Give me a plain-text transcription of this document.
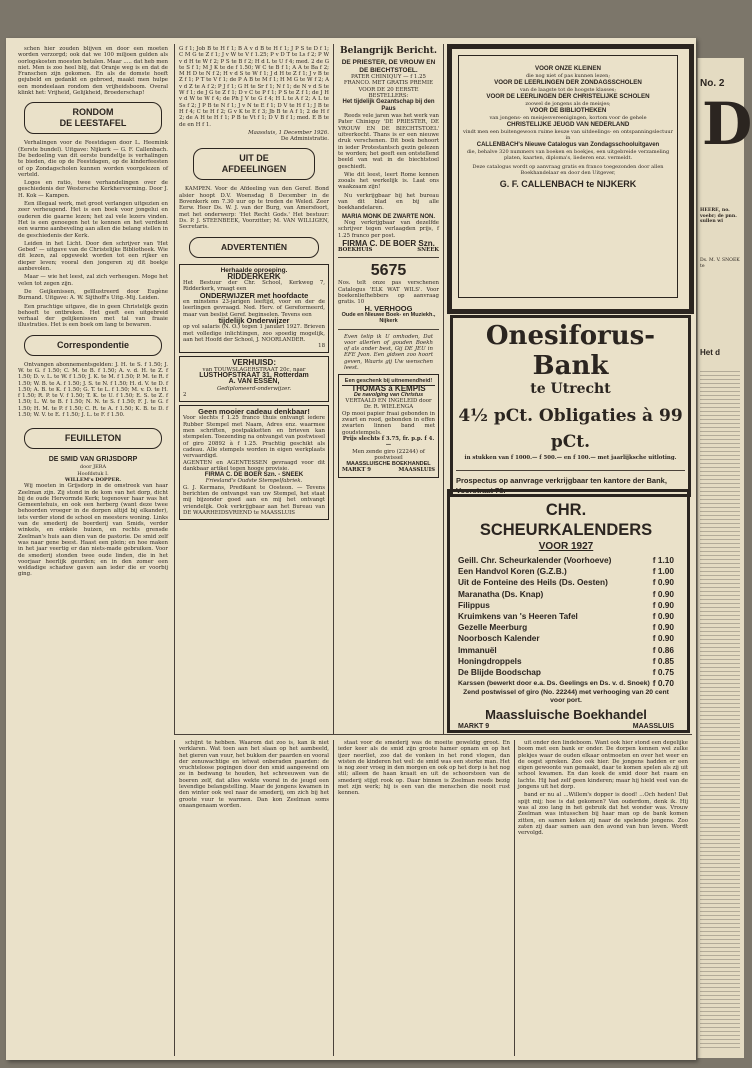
No. 2
D
HEERE, no. voebr; de pnn. sullen wi
Ds. M. V. SNOEK te
Het d

schen hier zouden blijven en door een moeten worden verzorgd; ook dat we 100 miljoen gulden als oorlogskosten moesten betalen. Maar ..... dat heb men niet. Men is zoo heel blij, dat Oranje weg is en dat de Franschen zijn gekomen. En als de domste hoeft gejubeld en gedankt en gebroed, maakt men hulpe een mondeelaan rondom den vrijheidsboom. Overal klinkt het: Vrijheid, Gelijkheid, Broederschap!

RONDOM
DE LEESTAFEL

Verhalingen voor de Feestdagen door L. Heemink (Eerste bundel). Uitgave: Nijkerk — G. F. Callenbach. De bedoeling van dit eerste bundeltje is verhalingen te bieden, die op de Feestdagen, op de kinderfeesten of op Zondagscholen kunnen worden voorgelezen of verteld.

Logos en ratio, twee verhandelingen over de geschiedenis der Westersche Kerkhervorming. Door J. H. Kok — Kampen.

Een illegaal werk, met groot verlangen uitgezien en zeer verheugend. Het is een boek voor jongelui en ouderen die gaarne lezen; het zal vele lezers vinden. Het is een genoegen het te kennen en het verdient een warme aanbeveling aan allen die belang stellen in de geschiedenis der Kerk.

Leiden in het Licht. Door den schrijver van 'Het Gebed' — uitgave van de Christelijke Bibliotheek. Wie dit lezen, zal opgewekt worden tot een rijker en dieper leven; vooral den jongeren zij dit boekje aanbevolen.

Maar — wie het leest, zal zich verheugen. Moge het velen tot zegen zijn.

De Geijkenissen, geïllustreerd door Eugène Burnand. Uitgave: A. W. Sijthoff's Uitg.-Mij. Leiden.

Een prachtige uitgave, die in geen Christelijk gezin behoeft te ontbreken. Het geeft een uitgebreid verhaal der gelijkenissen met tal van fraaie illustraties. Het is een boek om lang te bewaren.

Correspondentie

Ontvangen abonnementsgelden: J. H. te S. f 1.50; J. W. te G. f 1.50; C. M. te B. f 1.50; A. v. d. H. te Z. f 1.50; D. v. L. te W. f 1.50; J. K. te M. f 1.50; P. M. te R. f 1.50; W. B. te A. f 1.50; J. S. te N. f 1.50; H. d. V. te D. f 1.50; A. B. te K. f 1.50; G. T. te L. f 1.50; M. v. D. te H. f 1.50; R. P. te V. f 1.50; T. K. te U. f 1.50; E. S. te Z. f 1.50; L. W. te B. f 1.50; N. N. te S. f 1.50; F. J. te G. f 1.50; H. M. te P. f 1.50; C. R. te A. f 1.50; K. B. te D. f 1.50; W. V. te E. f 1.50; J. L. te F. f 1.50.

FEUILLETON
DE SMID VAN GRIJSDORP
door JERA
Hoofdstuk I.
WILLEM's DOPPER.

Wij moeten in Grijsdorp in de omstreek van haar Zeelman zijn. Zij stond in de kom van het dorp, dicht bij de oude Hervormde Kerk; tegenover haar was het Gemeentehuis, en ook een herberg (want deze twee behoorden vroeger in de dorpen altijd bij elkander), iets verder stond de school en meesters woning. Links van de smederij de boerderij van Smids, verder winkels, en enkele huizen, en rechts grensde Zeelman's huis aan dien van de pastorie. De smid zelf was naar gene beest. Haast een plein; en hoe maken in het jaar veertig er dan niets-made gebruiken. Voor de smederij stonden twee oude linden, die in het voorjaar heerlijk geurden; en in den zomer een weldadige schaduw gaven aan ieder die er voorbij ging.

G f 1; Job B te H f 1; B A v d B te H f 1; J P S te D f 1; C M G te Z f 1; J v W te V f 1.25; P v D T te Ls f 2; P W v d H te W f 2; P S te B f 2; H d L te U f 4; med. 2 de G te S f 1; M J K te de f 1.50; W C te B f 1; A A te Ba f 2; M H D te N f 2; H v d S te W f 1; J d H te Z f 1; J v B te Z f 1; P T te V f 1; de P A B te M f 1; H M G te W f 2; A v d Z te A f 2; P J f 1; G H te Sr f 1; N f 1; de N v d S te W f 1; de J G te Z f 1; D v C te P f 1; P S te Z f 1; de J H v d W te W f 4; de Ph J V te G f 4; H L te A f 2; A L te Ss f 2; J P B te N f 1; J v N te E f 1; D V te H f 1; J B te H f 4; C te H f 2; G v K te E f 3; Jb B te A f 1; 2 de H f 2; de A H te H f 1; P B te Vt f 1; D V B f 1; med. E B te de en H f 1.

Maassluis, 1 December 1926.
De Administratie.
UIT DE
AFDEELINGEN

KAMPEN. Voor de Afdeeling van den Geref. Bond alsier hoopt D.V. Woensdag 8 December in de Bovenkerk om 7.30 uur op te treden de Weled. Zeer Eerw. Heer Ds. W. J. van der Burg, van Amersfoort, met het onderwerp: 'Het Recht Gods.' Het bestuur: Ds. P. J. STEENBEEK, Voorzitter; M. VAN WILLIGEN, Secretaris.

ADVERTENTIËN
Herhaalde oproeping.
RIDDERKERK
Het Bestuur der Chr. School, Kerkweg 7, Ridderkerk, vraagt een
ONDERWIJZER met hoofdacte
en minstens 23-jarigen leeftijd, voor en der de leerlingen gevraagd. Ned. Herv. of Gereformeerd, maar van beslist Geref. beginselen. Tevens een
tijdelijk Onderwijzer
op vol salaris (N. O.) tegen 1 januari 1927. Brieven met volledige inlichtingen, zoo spoedig mogelijk, aan het Hoofd der School, J. NOORLANDER.
18
VERHUISD:
van TOUWSLAGERSTRAAT 20c, naar
LUSTHOFSTRAAT 31, Rotterdam
A. VAN ESSEN,
Gediplomeerd-onderwijzer.
2
Geen mooier cadeau denkbaar!
Voor slechts f 1.25 franco thuis ontvangt iedere Rubber Stempel met Naam, Adres enz. waarmee men schriften, postpakketten en brieven kan stempelen. Toezending na ontvangst van postwissel of giro 20892 à f 1.25. Prachtig geschikt als cadeau. Alle stempels worden in eigen werkplaats vervaardigd.
AGENTEN en AGENTESSEN gevraagd voor dit dankbaar artikel tegen hooge provisie.
FIRMA C. DE BOER Szn. - SNEEK
Friesland's Oudste Stempelfabriek.
G. J. Kermans, Predikant te Oosteon. — Tevens berichten de ontvangst van uw Stempel, het staat mij bijzonder goed aan en mij het ontvangt vriendelijk. Ook verkrijgbaar aan het Bureau van DE WAARHEIDSVRIEND te MAASSLUIS
Belangrijk Bericht.
DE PRIESTER, DE VROUW EN DE BIECHTSTOEL.
PATER CHINIQUY — f 1.25 FRANCO. MET GRATIS PREMIE VOOR DE 20 EERSTE BESTELLERS:
Het tijdelijk Gezantschap bij den Paus

Reeds vele jaren was het werk van Pater Chiniquy 'DE PRIESTER, DE VROUW EN DE BIECHTSTOEL' uitverkocht. Thans is er een nieuwe druk verschenen. Dit boek behoort in ieder Protestantsch gezin gelezen te worden; het geeft een ontstellend beeld van wat in de biechtstoel geschiedt.

Wie dit leest, leert Rome kennen zooals het werkelijk is. Laat ons waakzaam zijn!

Nu verkrijgbaar bij het bureau van dit blad en bij alle boekhandelaren.

MARIA MONK DE ZWARTE NON.

Nog verkrijgbaar van dezelfde schrijver tegen verlaagden prijs, f 1.25 franco per post.

FIRMA C. DE BOER Szn.
BOEKHUIS	SNEEK
5675
Nos. telt onze pas verschenen Catalogus 'ELK WAT WILS'. Voor boekenliefhebbers op aanvraag gratis. 10
H. VERHOOG
Oude en Nieuwe Boek- en Muziekh., Nijkerk

Even telip ik U omhoden, Dat voor allerlen of gouden Boekh of als ander best, Gij DE JEU in EFE Jvon. Een gidsen zoo hoort geven, Waaris gij Uw wenschen leest.

Een geschenk bij uitnemendheid!
THOMAS à KEMPIS
De navolging van Christus
VERTAALD EN INGELEID door Dr. R. WIELENGA
Op mooi papier fraai gebonden in zwart en rood, gebonden in effen zwarten linnen band met goudstempels.
Prijs slechts f 3.75, fr. p.p. f 4.—
Men zende giro (22244) of postwissel
MAASSLUISCHE BOEKHANDEL
MARKT 9	MAASSLUIS
VOOR ONZE KLEINEN
die nog niet of pas kunnen lezen;
VOOR DE LEERLINGEN DER ZONDAGSSCHOLEN
van de laagste tot de hoogste klasses;
VOOR DE LEERLINGEN DER CHRISTELIJKE SCHOLEN
zoowel de jongens als de meisjes;
VOOR DE BIBLIOTHEKEN
van jongens- en meisjesvereenigingen, kortom voor de gehele
CHRISTELIJKE JEUGD VAN NEDERLAND
vindt men een buitengewoon ruime keuze van uitdeelings- en ontspanningslectuur in
CALLENBACH's Nieuwe Catalogus van Zondagsschooluitgaven
die, behalve 320 nummers van boeken en boekjes, een uitgebreide verzameling platen, kaarten, diploma's, liederen enz. vermeldt.
Deze catalogus wordt op aanvraag gratis en franco toegezonden door allen Boekhandelaar en door den Uitgever,
G. F. CALLENBACH te NIJKERK
Onesiforus-Bank
te Utrecht
4½ pCt. Obligaties à 99 pCt.
in stukken van f 1000.— f 500.— en f 100.— met jaarlijksche uitloting.
Prospectus op aanvrage verkrijgbaar ten kantore der Bank, Voorstraat 78.
CHR. SCHEURKALENDERS
VOOR 1927
Geill. Chr. Scheurkalender (Voorhoeve)	f 1.10
Een Handvol Koren (G.Z.B.)	f 1.00
Uit de Fonteine des Heils (Ds. Oesten)	f 0.90
Maranatha (Ds. Knap)	f 0.90
Filippus	f 0.90
Kruimkens van 's Heeren Tafel	f 0.90
Gezelle Meerburg	f 0.90
Noorbosch Kalender	f 0.90
Immanuël	f 0.86
Honingdroppels	f 0.85
De Blijde Boodschap	f 0.75
Karssen (bewerkt door e.a. Ds. Geelings en Ds. v. d. Snoek) f 0.70
Zend postwissel of giro (No. 22244) met verhooging van 20 cent voor port.
Maassluische Boekhandel
MARKT 9	MAASSLUIS

schijnt te hebben. Waarom dat zoo is, kan ik niet verklaren. Wat toen aan het slaan op het aambeeld, het gieren van vuur, het bukken der paarden en vooral der zenuwachtige en ietwat onberaden paarden: de vruchteloose pogingen door den smid aangewend om ze in bedwang te houden, het schreeuwen van de boeren zelf, dat alles wekte vooral in de jeugd een levendige belangstelling. Maar de jongens kwamen in den winter ook wel naar de smederij, om zich bij het groote vuur te warmen. Dan kon Zeelman soms onaangenaam worden.

staat voor de smederij was de moeite geweldig groot. En ieder keer als de smid zijn groote hamer opnam en op het ijzer neerliet, zoo dat de vonken in het rond vlogen, dan wisten de kinderen het wel: de smid was een sterke man. Het is nog zeer vroeg in den morgen en ook op het dorp is het nog stil; alleen de haan kraait en uit de schoorsteen van de smederij stijgt rook op. Daar binnen is Zeelman reeds bezig met zijn werk; hij is een van die menschen die nooit rust kennen.

uit onder den lindeboom. Want ook hier stond een degelijke boom met een bank er onder. De dorpen kennen wel zulke plekjes waar de ouden elkaar ontmoeten en over het weer en de oogst spreken. Zoo ook hier. De jongens hadden er een eigen gewoonte van gemaakt, daar te komen spelen als zij uit school kwamen. En dan keek de smid door het raam en lachte. Hij had zelf geen kinderen; maar hij hield veel van de jongens uit het dorp.

band er nu al ...Willem's dopper is dood! ...Och heden! Dat spijt mij; hoe is dat gekomen? Van ouderdom, denk ik. Hij was al zoo lang in het gebruik dat het wonder was. Vrouw Zeelman was intusschen bij haar man op de bank komen zitten, en samen keken zij naar de spelende jongens. Zoo zaten zij daar samen aan den avond van hun leven. Wordt vervolgd.
